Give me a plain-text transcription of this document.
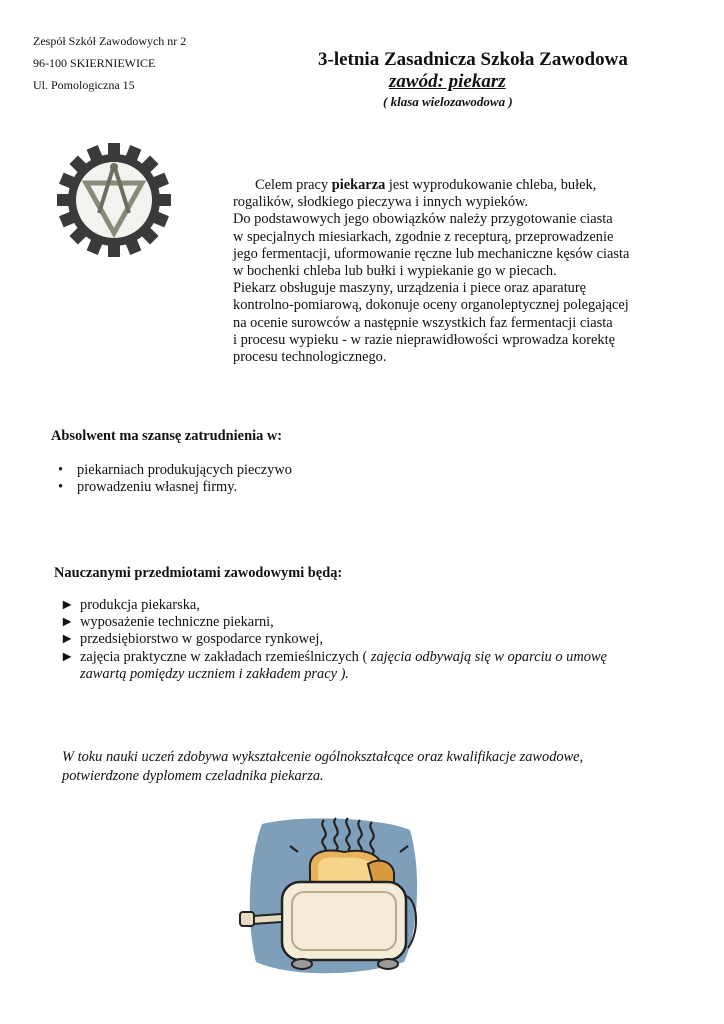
Zespół Szkół Zawodowych nr 2
96-100 SKIERNIEWICE
Ul. Pomologiczna 15
3-letnia Zasadnicza Szkoła Zawodowa
zawód: piekarz
( klasa wielozawodowa )

Celem pracy piekarza jest wyprodukowanie chleba, bułek,

rogalików, słodkiego pieczywa i innych wypieków.

Do podstawowych jego obowiązków należy przygotowanie ciasta

w specjalnych miesiarkach, zgodnie z recepturą, przeprowadzenie

jego fermentacji, uformowanie ręczne lub mechaniczne kęsów ciasta

w bochenki chleba lub bułki i wypiekanie go w piecach.

Piekarz obsługuje maszyny, urządzenia i piece oraz aparaturę

kontrolno-pomiarową, dokonuje oceny organoleptycznej polegającej

na ocenie surowców a następnie wszystkich faz fermentacji ciasta

i procesu wypieku - w razie nieprawidłowości wprowadza korektę

procesu technologicznego.

Absolwent ma szansę zatrudnienia w:
• piekarniach produkujących pieczywo
• prowadzeniu własnej firmy.
Nauczanymi przedmiotami zawodowymi będą:
► produkcja piekarska,
► wyposażenie techniczne piekarni,
► przedsiębiorstwo w gospodarce rynkowej,
► zajęcia praktyczne w zakładach rzemieślniczych ( zajęcia odbywają się w oparciu o umowę
zawartą pomiędzy uczniem i zakładem pracy ).
W toku nauki uczeń zdobywa wykształcenie ogólnokształcące oraz kwalifikacje zawodowe,
potwierdzone dyplomem czeladnika piekarza.
